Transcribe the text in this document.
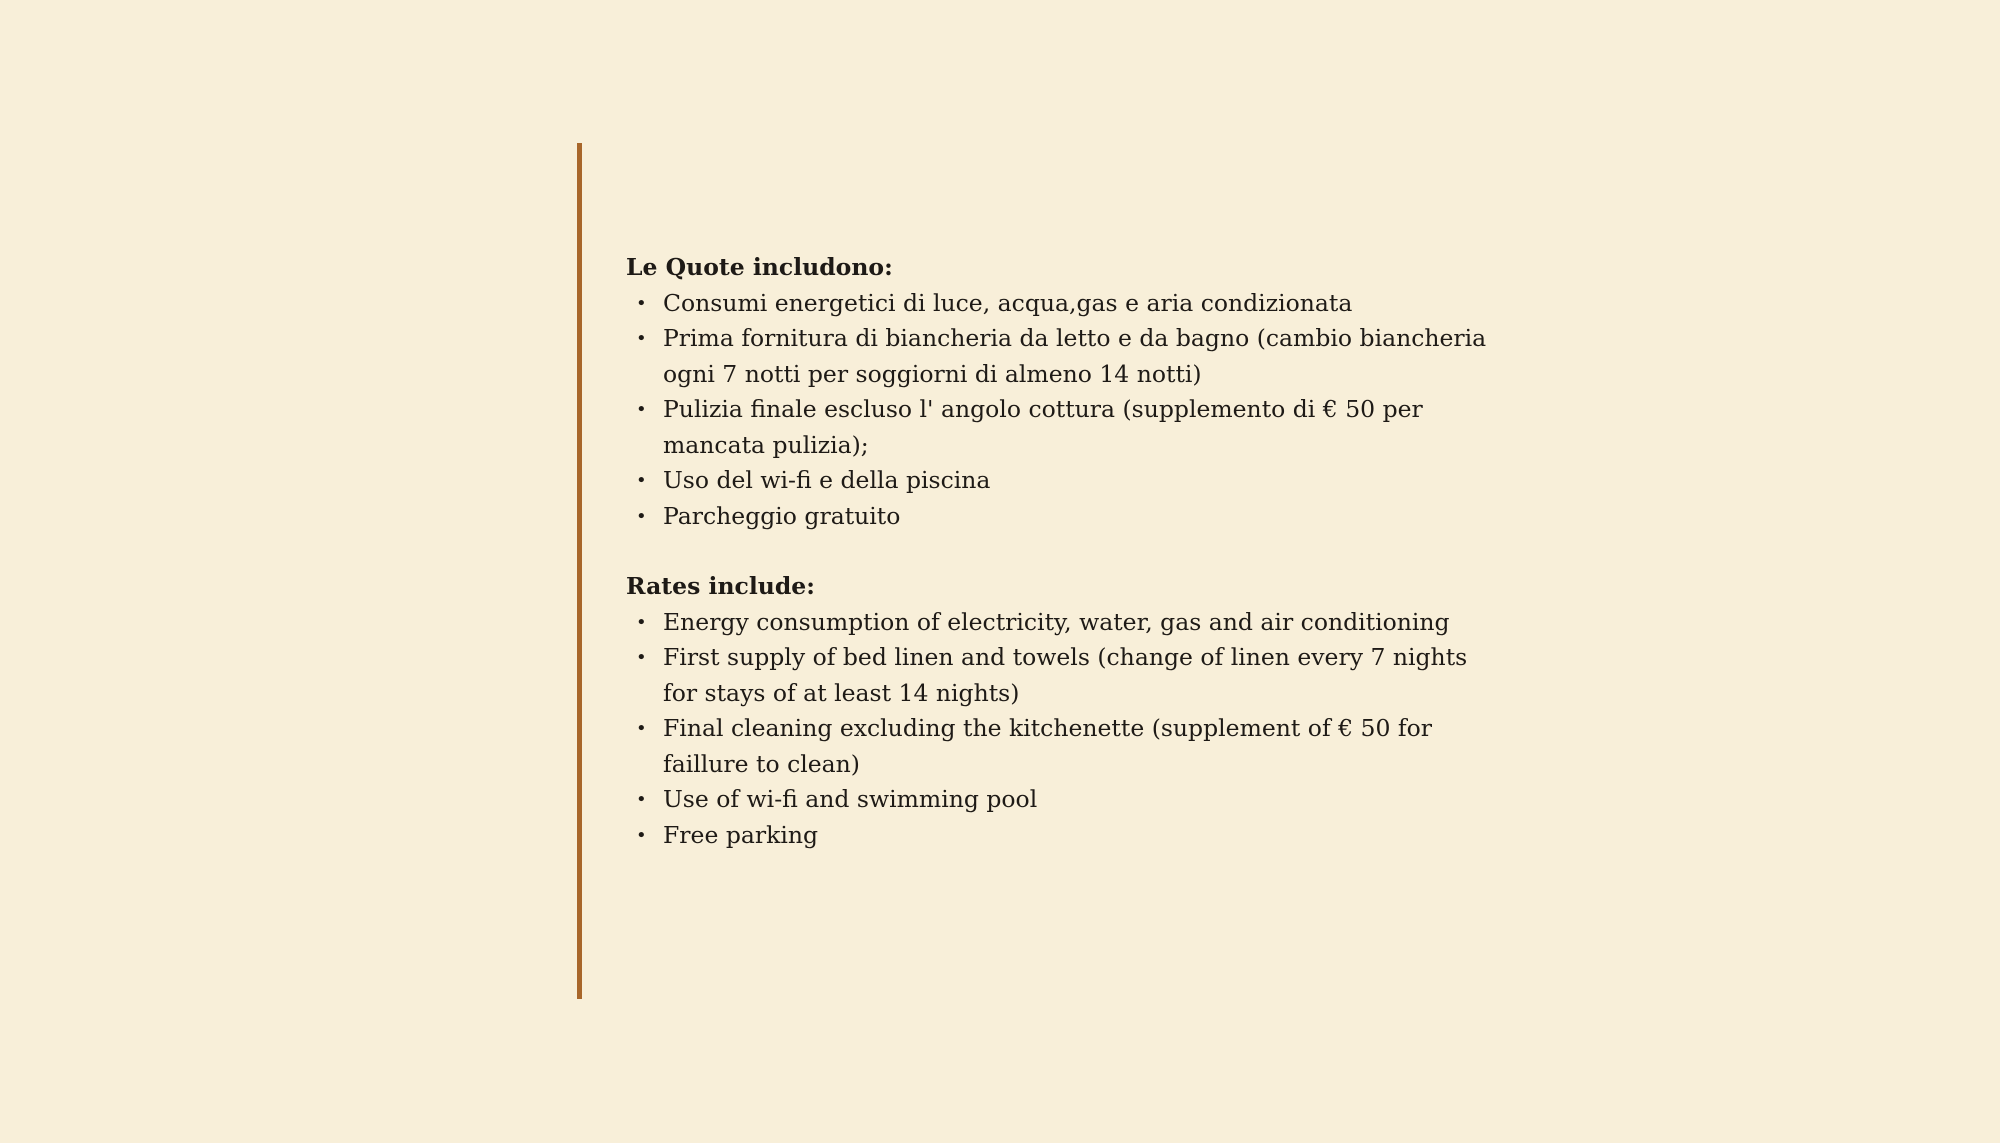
Le Quote includono:

• Consumi energetici di luce, acqua,gas e aria condizionata
• Prima fornitura di biancheria da letto e da bagno (cambio biancheria ogni 7 notti per soggiorni di almeno 14 notti)
• Pulizia finale escluso l' angolo cottura (supplemento di € 50 per mancata pulizia);
• Uso del wi-fi e della piscina
• Parcheggio gratuito

Rates include:

• Energy consumption of electricity, water, gas and air conditioning
• First supply of bed linen and towels (change of linen every 7 nights for stays of at least 14 nights)
• Final cleaning excluding the kitchenette (supplement of € 50 for faillure to clean)
• Use of wi-fi and swimming pool
• Free parking
